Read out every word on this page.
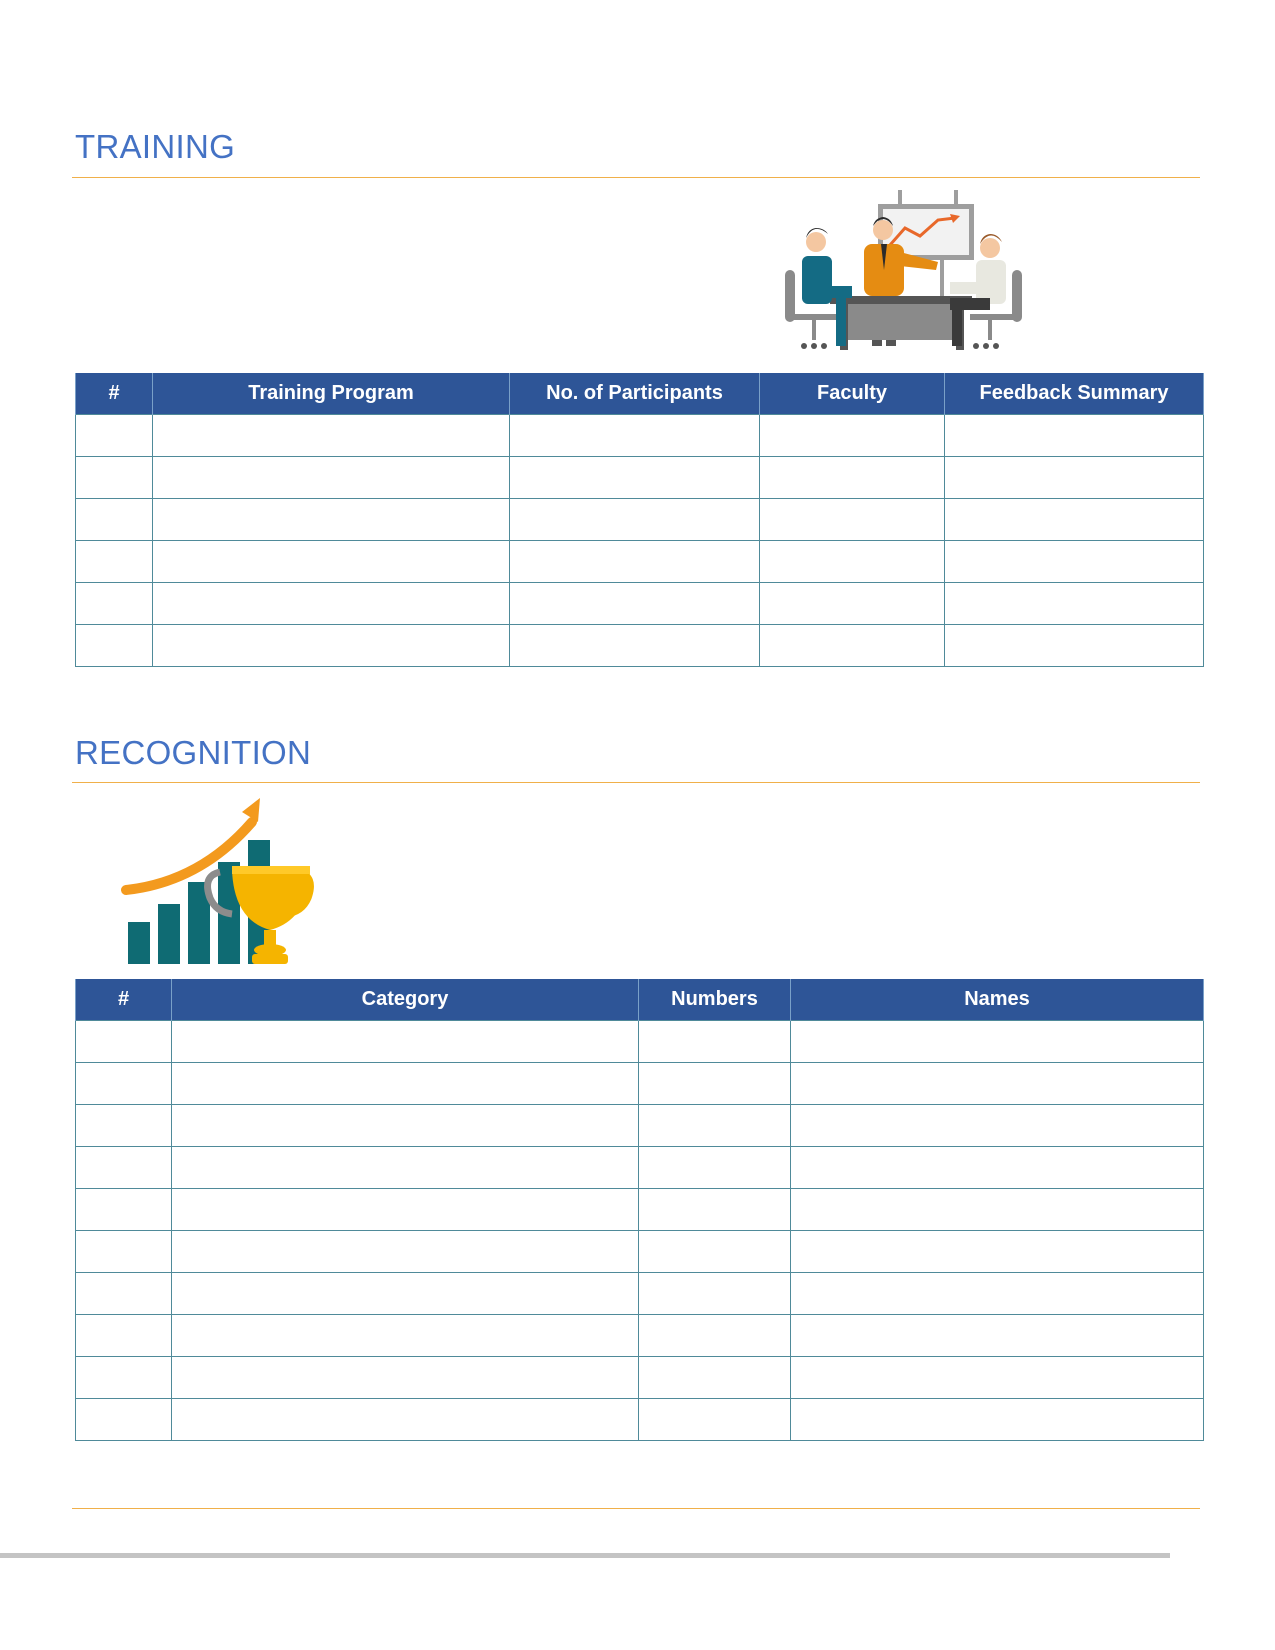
TRAINING
#	Training Program	No. of Participants	Faculty	Feedback Summary

RECOGNITION
#	Category	Numbers	Names
